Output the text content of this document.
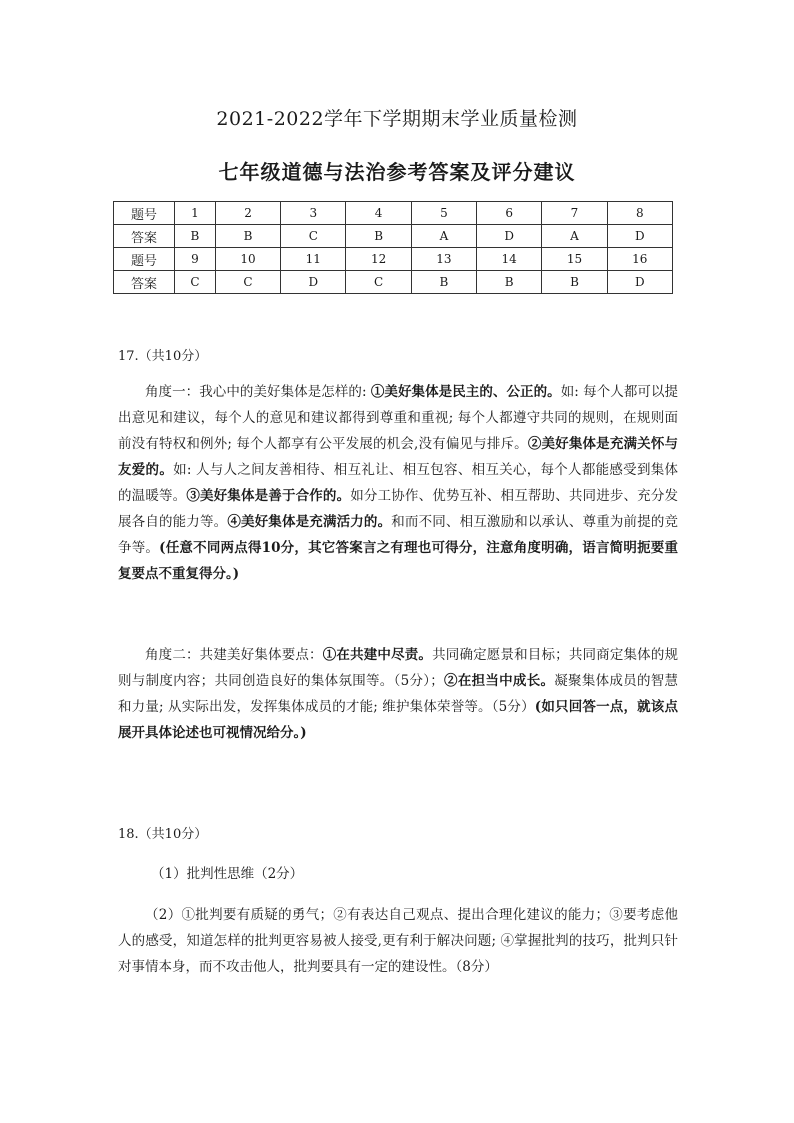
2021-2022学年下学期期末学业质量检测
七年级道德与法治参考答案及评分建议
题号	1	2	3	4	5	6	7	8
答案	B	B	C	B	A	D	A	D
题号	9	10	11	12	13	14	15	16
答案	C	C	D	C	B	B	B	D
17.（共10分）
角度一：我心中的美好集体是怎样的: ①美好集体是民主的、公正的。如: 每个人都可以提出意见和建议，每个人的意见和建议都得到尊重和重视; 每个人都遵守共同的规则，在规则面前没有特权和例外; 每个人都享有公平发展的机会,没有偏见与排斥。②美好集体是充满关怀与友爱的。如: 人与人之间友善相待、相互礼让、相互包容、相互关心，每个人都能感受到集体的温暖等。③美好集体是善于合作的。如分工协作、优势互补、相互帮助、共同进步、充分发展各自的能力等。④美好集体是充满活力的。和而不同、相互激励和以承认、尊重为前提的竞争等。(任意不同两点得10分，其它答案言之有理也可得分，注意角度明确，语言简明扼要重复要点不重复得分。)
角度二：共建美好集体要点：①在共建中尽责。共同确定愿景和目标；共同商定集体的规则与制度内容；共同创造良好的集体氛围等。（5分）；②在担当中成长。凝聚集体成员的智慧和力量; 从实际出发，发挥集体成员的才能; 维护集体荣誉等。（5分）(如只回答一点，就该点展开具体论述也可视情况给分。)
18.（共10分）
（1）批判性思维（2分）
（2）①批判要有质疑的勇气；②有表达自己观点、提出合理化建议的能力；③要考虑他人的感受，知道怎样的批判更容易被人接受,更有利于解决问题; ④掌握批判的技巧，批判只针对事情本身，而不攻击他人，批判要具有一定的建设性。（8分）
